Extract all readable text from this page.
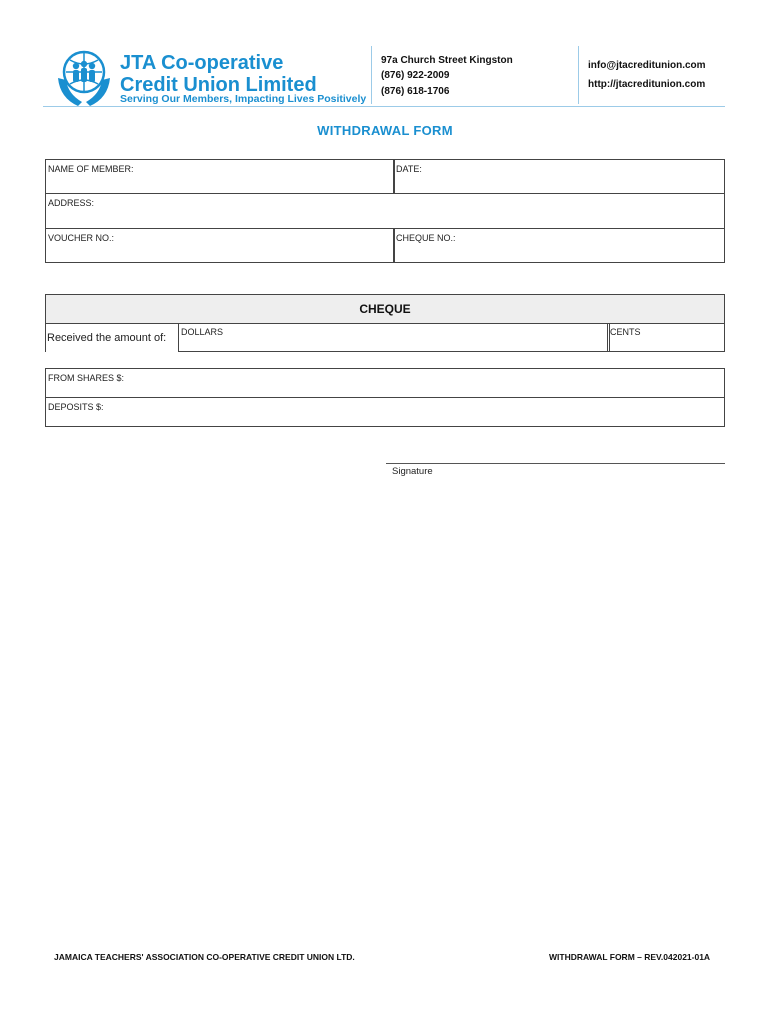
JTA Co-operative
Credit Union Limited
Serving Our Members, Impacting Lives Positively
97a Church Street Kingston
(876) 922-2009
(876) 618-1706
info@jtacreditunion.com
http://jtacreditunion.com
WITHDRAWAL FORM
NAME OF MEMBER:	DATE:
ADDRESS:
VOUCHER NO.:	CHEQUE NO.:
CHEQUE
Received the amount of: DOLLARS	CENTS
FROM SHARES $:
DEPOSITS $:
Signature
JAMAICA TEACHERS' ASSOCIATION CO-OPERATIVE CREDIT UNION LTD.	WITHDRAWAL FORM – REV.042021-01A
